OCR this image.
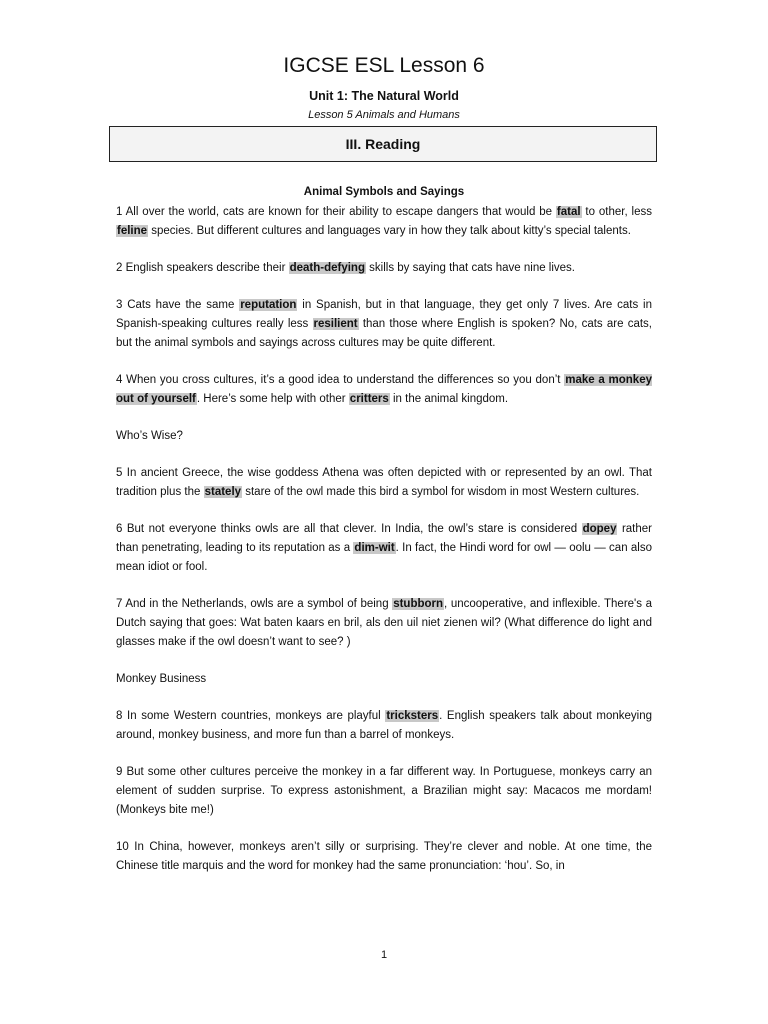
IGCSE ESL Lesson 6
Unit 1: The Natural World
Lesson 5 Animals and Humans
III. Reading
Animal Symbols and Sayings

1 All over the world, cats are known for their ability to escape dangers that would be fatal to other, less feline species. But different cultures and languages vary in how they talk about kitty’s special talents.

2 English speakers describe their death-defying skills by saying that cats have nine lives.

3 Cats have the same reputation in Spanish, but in that language, they get only 7 lives. Are cats in Spanish-speaking cultures really less resilient than those where English is spoken? No, cats are cats, but the animal symbols and sayings across cultures may be quite different.

4 When you cross cultures, it’s a good idea to understand the differences so you don’t make a monkey out of yourself. Here’s some help with other critters in the animal kingdom.

Who’s Wise?

5 In ancient Greece, the wise goddess Athena was often depicted with or represented by an owl. That tradition plus the stately stare of the owl made this bird a symbol for wisdom in most Western cultures.

6 But not everyone thinks owls are all that clever. In India, the owl’s stare is considered dopey rather than penetrating, leading to its reputation as a dim-wit. In fact, the Hindi word for owl — oolu — can also mean idiot or fool.

7 And in the Netherlands, owls are a symbol of being stubborn, uncooperative, and inflexible. There's a Dutch saying that goes: Wat baten kaars en bril, als den uil niet zienen wil? (What difference do light and glasses make if the owl doesn’t want to see? )

Monkey Business

8 In some Western countries, monkeys are playful tricksters. English speakers talk about monkeying around, monkey business, and more fun than a barrel of monkeys.

9 But some other cultures perceive the monkey in a far different way. In Portuguese, monkeys carry an element of sudden surprise. To express astonishment, a Brazilian might say: Macacos me mordam! (Monkeys bite me!)

10 In China, however, monkeys aren’t silly or surprising. They’re clever and noble. At one time, the Chinese title marquis and the word for monkey had the same pronunciation: ‘hou’. So, in

1
